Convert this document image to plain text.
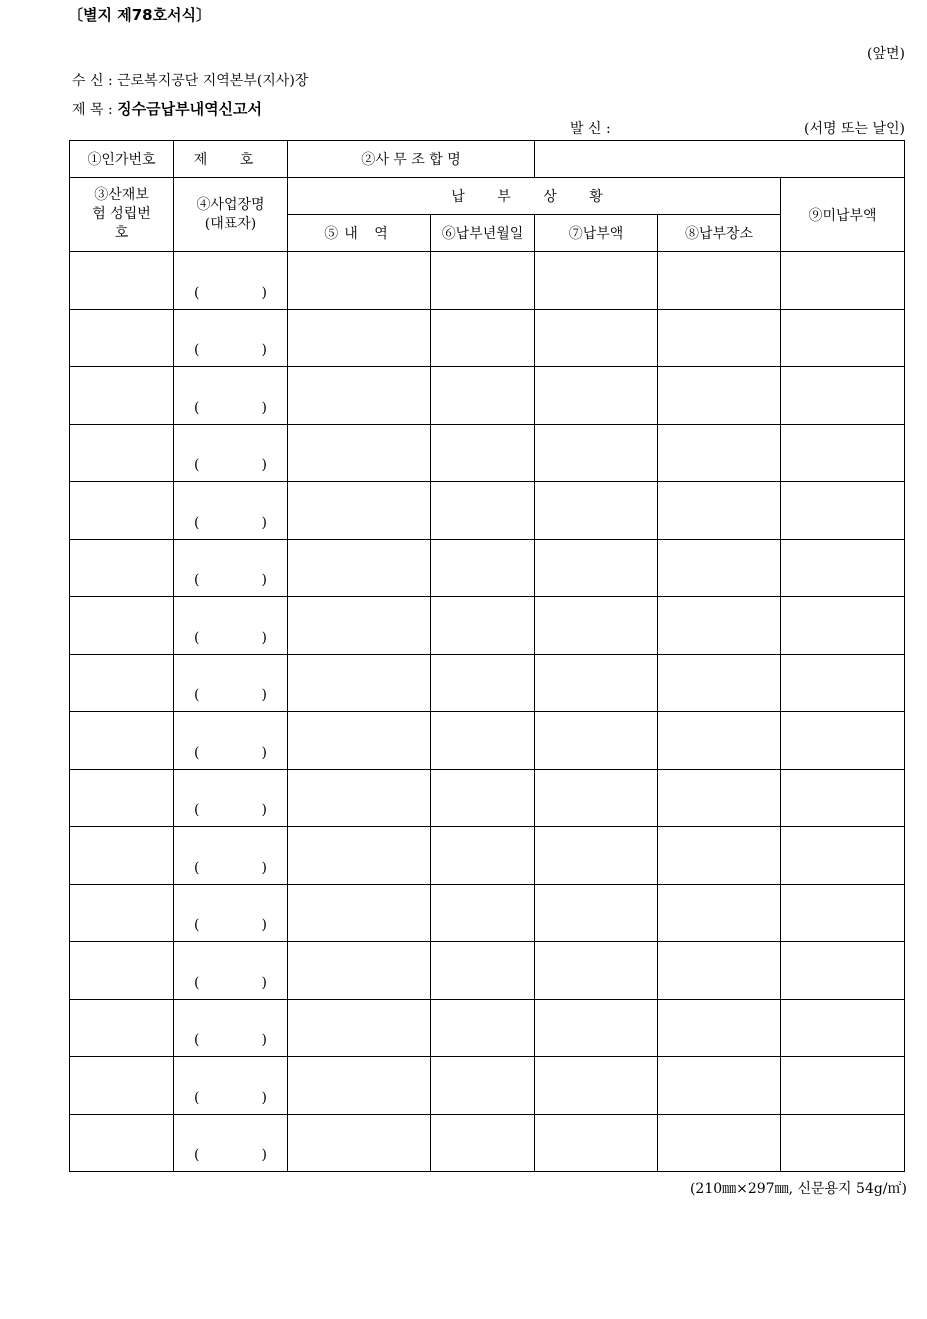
〔별지 제78호서식〕
(앞면)
수 신 : 근로복지공단 지역본부(지사)장
제 목 : 징수금납부내역신고서
발 신 :	(서명 또는 날인)
①인가번호	제 호	②사 무 조 합 명				
③산재보험 성립번호	④사업장명 (대표자)	납 부 상 황				⑨미납부액
		⑤내 역	⑥납부년월일	⑦납부액	⑧납부장소	

	( )					

	( )					

	( )					

	( )					

	( )					

	( )					

	( )					

	( )					

	( )					

	( )					

	( )					

	( )					

	( )					

	( )					

	( )					

	( )					

(210㎜×297㎜, 신문용지 54g/㎡)
